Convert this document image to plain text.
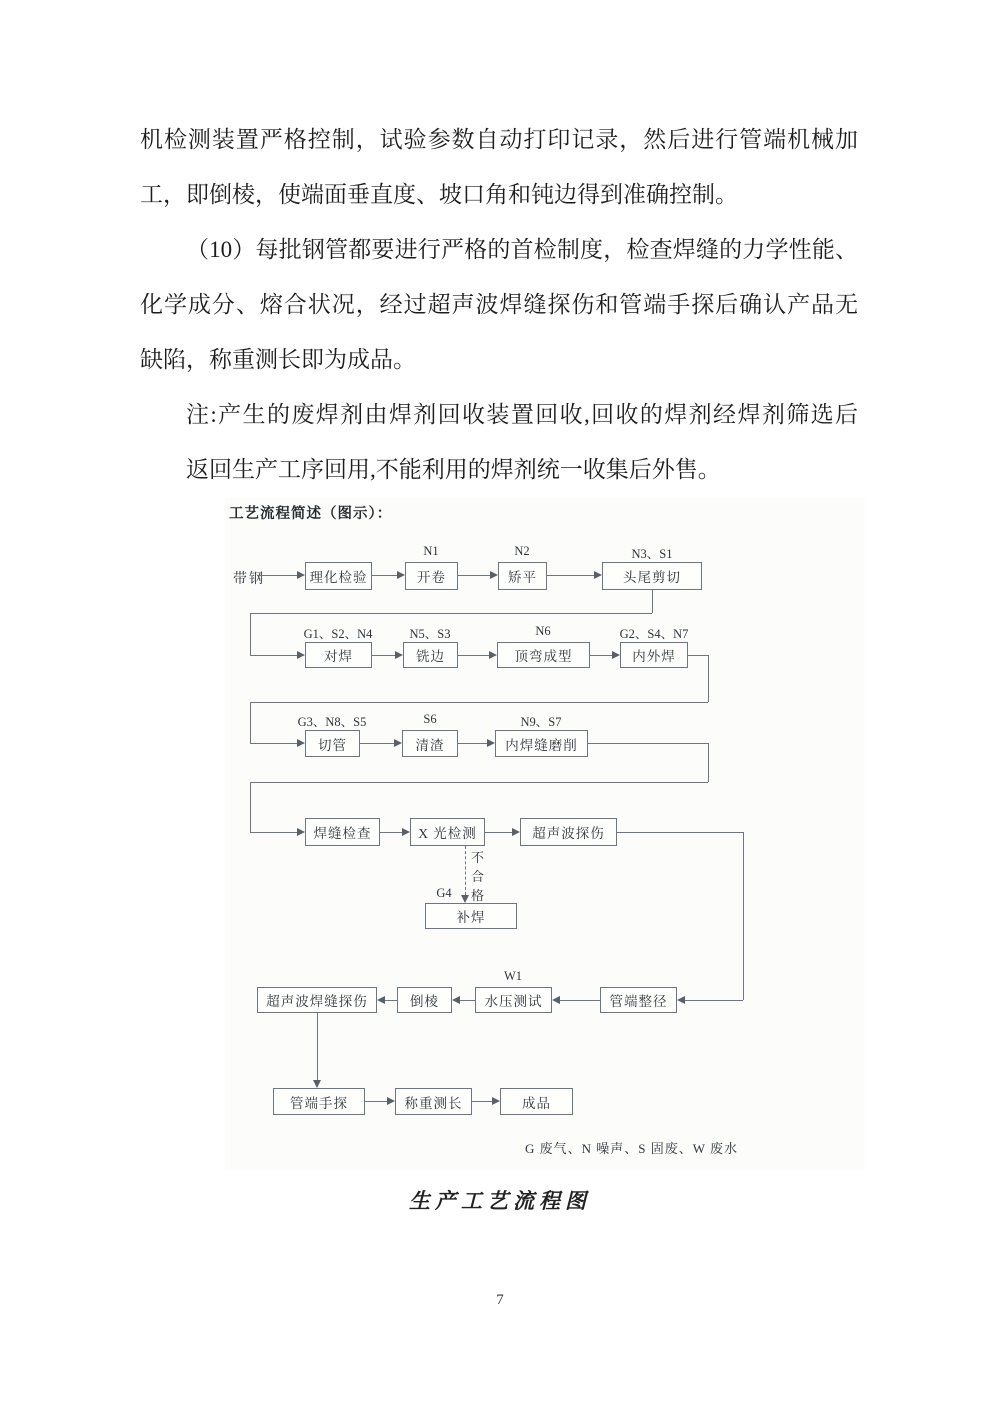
机检测装置严格控制，试验参数自动打印记录，然后进行管端机械加
工，即倒棱，使端面垂直度、坡口角和钝边得到准确控制。
（10）每批钢管都要进行严格的首检制度，检查焊缝的力学性能、
化学成分、熔合状况，经过超声波焊缝探伤和管端手探后确认产品无
缺陷，称重测长即为成品。
注:产生的废焊剂由焊剂回收装置回收,回收的焊剂经焊剂筛选后
返回生产工序回用,不能利用的焊剂统一收集后外售。
工艺流程简述（图示）：
带钢
N1	N2	N3、S1
G1、S2、N4	N5、S3	N6	G2、S4、N7
G3、N8、S5	S6	N9、S7
W1
G4
理化检验	开卷	矫平	头尾剪切
对焊	铣边	顶弯成型	内外焊
切管	清渣	内焊缝磨削
焊缝检查	X 光检测	超声波探伤
补焊
超声波焊缝探伤	倒棱	水压测试	管端整径
管端手探	称重测长	成品
不合格
G 废气、N 噪声、S 固废、W 废水
生产工艺流程图
7
